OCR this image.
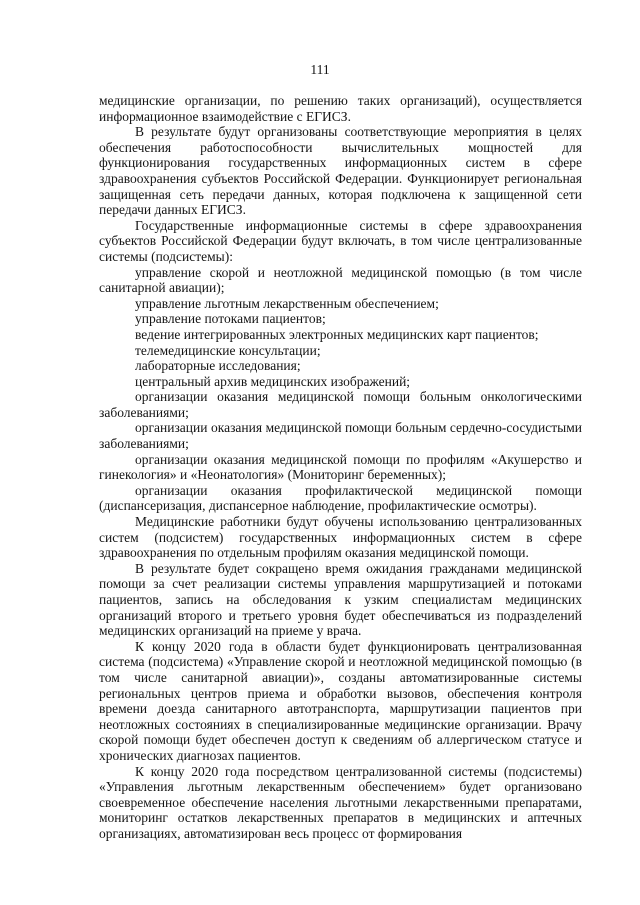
111

медицинские организации, по решению таких организаций), осуществляется информационное взаимодействие с ЕГИСЗ.

В результате будут организованы соответствующие мероприятия в целях обеспечения работоспособности вычислительных мощностей для функционирования государственных информационных систем в сфере здравоохранения субъектов Российской Федерации. Функционирует региональная защищенная сеть передачи данных, которая подключена к защищенной сети передачи данных ЕГИСЗ.

Государственные информационные системы в сфере здравоохранения субъектов Российской Федерации будут включать, в том числе централизованные системы (подсистемы):

управление скорой и неотложной медицинской помощью (в том числе санитарной авиации);

управление льготным лекарственным обеспечением;

управление потоками пациентов;

ведение интегрированных электронных медицинских карт пациентов;

телемедицинские консультации;

лабораторные исследования;

центральный архив медицинских изображений;

организации оказания медицинской помощи больным онкологическими заболеваниями;

организации оказания медицинской помощи больным сердечно-сосудистыми заболеваниями;

организации оказания медицинской помощи по профилям «Акушерство и гинекология» и «Неонатология» (Мониторинг беременных);

организации оказания профилактической медицинской помощи (диспансеризация, диспансерное наблюдение, профилактические осмотры).

Медицинские работники будут обучены использованию централизованных систем (подсистем) государственных информационных систем в сфере здравоохранения по отдельным профилям оказания медицинской помощи.

В результате будет сокращено время ожидания гражданами медицинской помощи за счет реализации системы управления маршрутизацией и потоками пациентов, запись на обследования к узким специалистам медицинских организаций второго и третьего уровня будет обеспечиваться из подразделений медицинских организаций на приеме у врача.

К концу 2020 года в области будет функционировать централизованная система (подсистема) «Управление скорой и неотложной медицинской помощью (в том числе санитарной авиации)», созданы автоматизированные системы региональных центров приема и обработки вызовов, обеспечения контроля времени доезда санитарного автотранспорта, маршрутизации пациентов при неотложных состояниях в специализированные медицинские организации. Врачу скорой помощи будет обеспечен доступ к сведениям об аллергическом статусе и хронических диагнозах пациентов.

К концу 2020 года посредством централизованной системы (подсистемы) «Управления льготным лекарственным обеспечением» будет организовано своевременное обеспечение населения льготными лекарственными препаратами, мониторинг остатков лекарственных препаратов в медицинских и аптечных организациях, автоматизирован весь процесс от формирования
